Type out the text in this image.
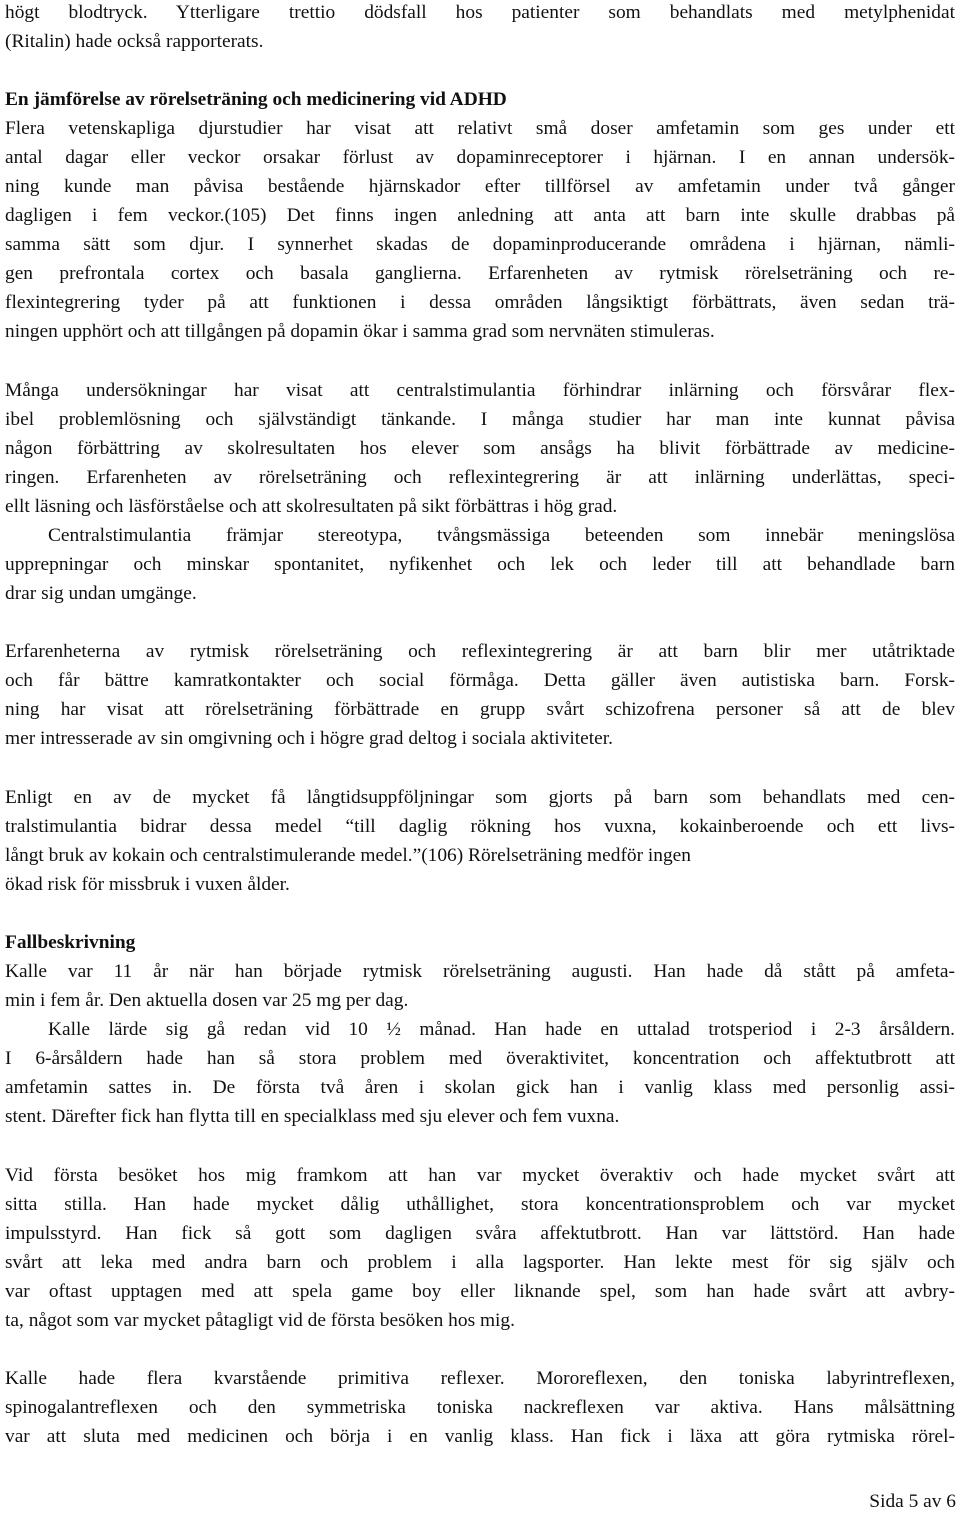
högt blodtryck. Ytterligare trettio dödsfall hos patienter som behandlats med metylphenidat
(Ritalin) hade också rapporterats.
En jämförelse av rörelseträning och medicinering vid ADHD
Flera vetenskapliga djurstudier har visat att relativt små doser amfetamin som ges under ett
antal dagar eller veckor orsakar förlust av dopaminreceptorer i hjärnan. I en annan undersök-
ning kunde man påvisa bestående hjärnskador efter tillförsel av amfetamin under två gånger
dagligen i fem veckor.(105) Det finns ingen anledning att anta att barn inte skulle drabbas på
samma sätt som djur. I synnerhet skadas de dopaminproducerande områdena i hjärnan, nämli-
gen prefrontala cortex och basala ganglierna. Erfarenheten av rytmisk rörelseträning och re-
flexintegrering tyder på att funktionen i dessa områden långsiktigt förbättrats, även sedan trä-
ningen upphört och att tillgången på dopamin ökar i samma grad som nervnäten stimuleras.
Många undersökningar har visat att centralstimulantia förhindrar inlärning och försvårar flex-
ibel problemlösning och självständigt tänkande. I många studier har man inte kunnat påvisa
någon förbättring av skolresultaten hos elever som ansågs ha blivit förbättrade av medicine-
ringen. Erfarenheten av rörelseträning och reflexintegrering är att inlärning underlättas, speci-
ellt läsning och läsförståelse och att skolresultaten på sikt förbättras i hög grad.
Centralstimulantia främjar stereotypa, tvångsmässiga beteenden som innebär meningslösa
upprepningar och minskar spontanitet, nyfikenhet och lek och leder till att behandlade barn
drar sig undan umgänge.
Erfarenheterna av rytmisk rörelseträning och reflexintegrering är att barn blir mer utåtriktade
och får bättre kamratkontakter och social förmåga. Detta gäller även autistiska barn. Forsk-
ning har visat att rörelseträning förbättrade en grupp svårt schizofrena personer så att de blev
mer intresserade av sin omgivning och i högre grad deltog i sociala aktiviteter.
Enligt en av de mycket få långtidsuppföljningar som gjorts på barn som behandlats med cen-
tralstimulantia bidrar dessa medel “till daglig rökning hos vuxna, kokainberoende och ett livs-
långt bruk av kokain och centralstimulerande medel.”(106) Rörelseträning medför ingen
ökad risk för missbruk i vuxen ålder.
Fallbeskrivning
Kalle var 11 år när han började rytmisk rörelseträning augusti. Han hade då stått på amfeta-
min i fem år. Den aktuella dosen var 25 mg per dag.
Kalle lärde sig gå redan vid 10 ½ månad. Han hade en uttalad trotsperiod i 2-3 årsåldern.
I 6-årsåldern hade han så stora problem med överaktivitet, koncentration och affektutbrott att
amfetamin sattes in. De första två åren i skolan gick han i vanlig klass med personlig assi-
stent. Därefter fick han flytta till en specialklass med sju elever och fem vuxna.
Vid första besöket hos mig framkom att han var mycket överaktiv och hade mycket svårt att
sitta stilla. Han hade mycket dålig uthållighet, stora koncentrationsproblem och var mycket
impulsstyrd. Han fick så gott som dagligen svåra affektutbrott. Han var lättstörd. Han hade
svårt att leka med andra barn och problem i alla lagsporter. Han lekte mest för sig själv och
var oftast upptagen med att spela game boy eller liknande spel, som han hade svårt att avbry-
ta, något som var mycket påtagligt vid de första besöken hos mig.
Kalle hade flera kvarstående primitiva reflexer. Mororeflexen, den toniska labyrintreflexen,
spinogalantreflexen och den symmetriska toniska nackreflexen var aktiva. Hans målsättning
var att sluta med medicinen och börja i en vanlig klass. Han fick i läxa att göra rytmiska rörel-
Sida 5 av 6
